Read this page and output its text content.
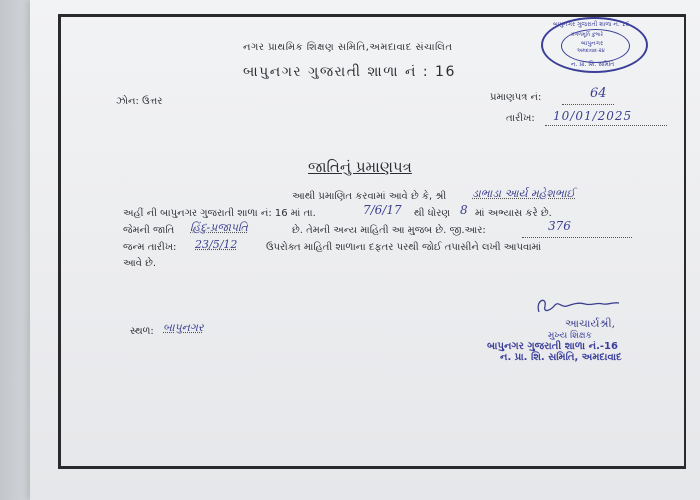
નગર પ્રાથમિક શિક્ષણ સમિતિ,અમદાવાદ સંચાલિત
બાપુનગર ગુજરાતી શાળા નં : 16
બાપુનગર ગુજરાતી શાળા નં. 16
મંગળમૂર્તિ કુંભારે
બાપુનગર
અમદાવાદ-૨૪
ન. પ્રા. શિ. સમિતિ
ઝોન: ઉત્તર	પ્રમાણપત્ર નં:	64
તારીખ: 10/01/2025
જાતિનું પ્રમાણપત્ર
આથી પ્રમાણિત કરવામાં આવે છે કે, શ્રી ડાભાડા આર્ય મહેશભાઈ
અહીં ની બાપુનગર ગુજરાતી શાળા નં: 16 માં તા.	7/6/17 થી ધોરણ 8 માં અભ્યાસ કરે છે.
જેમની જાતિ હિંદુ-પ્રજાપતિ	છે. તેમની અન્ય માહિતી આ મુજબ છે. જી.આર:	376
જન્મ તારીખ: 23/5/12	ઉપરોક્ત માહિતી શાળાના દફતર પરથી જોઈ તપાસીને લખી આપવામાં
આવે છે.
સ્થળ: બાપુનગર	આચાર્યશ્રી,
મુખ્ય શિક્ષક
બાપુનગર ગુજરાતી શાળા નં.-16
ન. પ્રા. શિ. સમિતિ, અમદાવાદ
